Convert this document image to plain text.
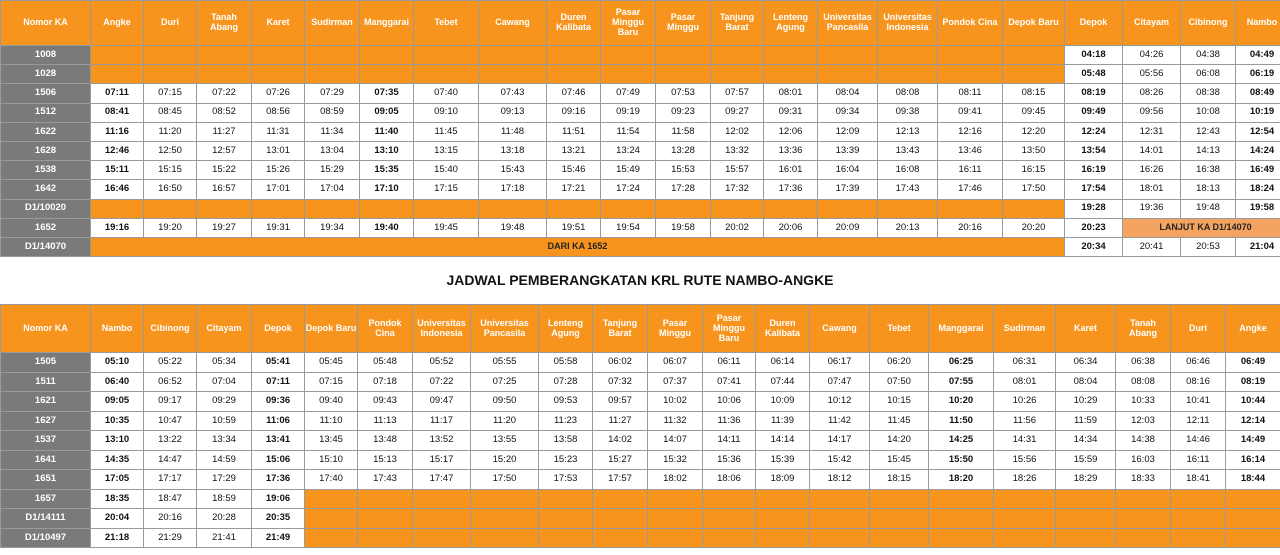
Nomor KA	Angke	Duri	Tanah Abang	Karet	Sudirman	Manggarai	Tebet	Cawang	Duren Kalibata	Pasar Minggu Baru	Pasar Minggu	Tanjung Barat	Lenteng Agung	Universitas Pancasila	Universitas Indonesia	Pondok Cina	Depok Baru	Depok	Citayam	Cibinong	Nambo
1008																		04:18	04:26	04:38	04:49
1028																		05:48	05:56	06:08	06:19
1506	07:11	07:15	07:22	07:26	07:29	07:35	07:40	07:43	07:46	07:49	07:53	07:57	08:01	08:04	08:08	08:11	08:15	08:19	08:26	08:38	08:49
1512	08:41	08:45	08:52	08:56	08:59	09:05	09:10	09:13	09:16	09:19	09:23	09:27	09:31	09:34	09:38	09:41	09:45	09:49	09:56	10:08	10:19
1622	11:16	11:20	11:27	11:31	11:34	11:40	11:45	11:48	11:51	11:54	11:58	12:02	12:06	12:09	12:13	12:16	12:20	12:24	12:31	12:43	12:54
1628	12:46	12:50	12:57	13:01	13:04	13:10	13:15	13:18	13:21	13:24	13:28	13:32	13:36	13:39	13:43	13:46	13:50	13:54	14:01	14:13	14:24
1538	15:11	15:15	15:22	15:26	15:29	15:35	15:40	15:43	15:46	15:49	15:53	15:57	16:01	16:04	16:08	16:11	16:15	16:19	16:26	16:38	16:49
1642	16:46	16:50	16:57	17:01	17:04	17:10	17:15	17:18	17:21	17:24	17:28	17:32	17:36	17:39	17:43	17:46	17:50	17:54	18:01	18:13	18:24
D1/10020																		19:28	19:36	19:48	19:58
1652	19:16	19:20	19:27	19:31	19:34	19:40	19:45	19:48	19:51	19:54	19:58	20:02	20:06	20:09	20:13	20:16	20:20	20:23	LANJUT KA D1/14070		
D1/14070	DARI KA 1652																	20:34	20:41	20:53	21:04
JADWAL PEMBERANGKATAN KRL RUTE NAMBO-ANGKE
Nomor KA	Nambo	Cibinong	Citayam	Depok	Depok Baru	Pondok Cina	Universitas Indonesia	Universitas Pancasila	Lenteng Agung	Tanjung Barat	Pasar Minggu	Pasar Minggu Baru	Duren Kalibata	Cawang	Tebet	Manggarai	Sudirman	Karet	Tanah Abang	Duri	Angke
1505	05:10	05:22	05:34	05:41	05:45	05:48	05:52	05:55	05:58	06:02	06:07	06:11	06:14	06:17	06:20	06:25	06:31	06:34	06:38	06:46	06:49
1511	06:40	06:52	07:04	07:11	07:15	07:18	07:22	07:25	07:28	07:32	07:37	07:41	07:44	07:47	07:50	07:55	08:01	08:04	08:08	08:16	08:19
1621	09:05	09:17	09:29	09:36	09:40	09:43	09:47	09:50	09:53	09:57	10:02	10:06	10:09	10:12	10:15	10:20	10:26	10:29	10:33	10:41	10:44
1627	10:35	10:47	10:59	11:06	11:10	11:13	11:17	11:20	11:23	11:27	11:32	11:36	11:39	11:42	11:45	11:50	11:56	11:59	12:03	12:11	12:14
1537	13:10	13:22	13:34	13:41	13:45	13:48	13:52	13:55	13:58	14:02	14:07	14:11	14:14	14:17	14:20	14:25	14:31	14:34	14:38	14:46	14:49
1641	14:35	14:47	14:59	15:06	15:10	15:13	15:17	15:20	15:23	15:27	15:32	15:36	15:39	15:42	15:45	15:50	15:56	15:59	16:03	16:11	16:14
1651	17:05	17:17	17:29	17:36	17:40	17:43	17:47	17:50	17:53	17:57	18:02	18:06	18:09	18:12	18:15	18:20	18:26	18:29	18:33	18:41	18:44
1657	18:35	18:47	18:59	19:06																	
D1/14111	20:04	20:16	20:28	20:35																	
D1/10497	21:18	21:29	21:41	21:49																	
